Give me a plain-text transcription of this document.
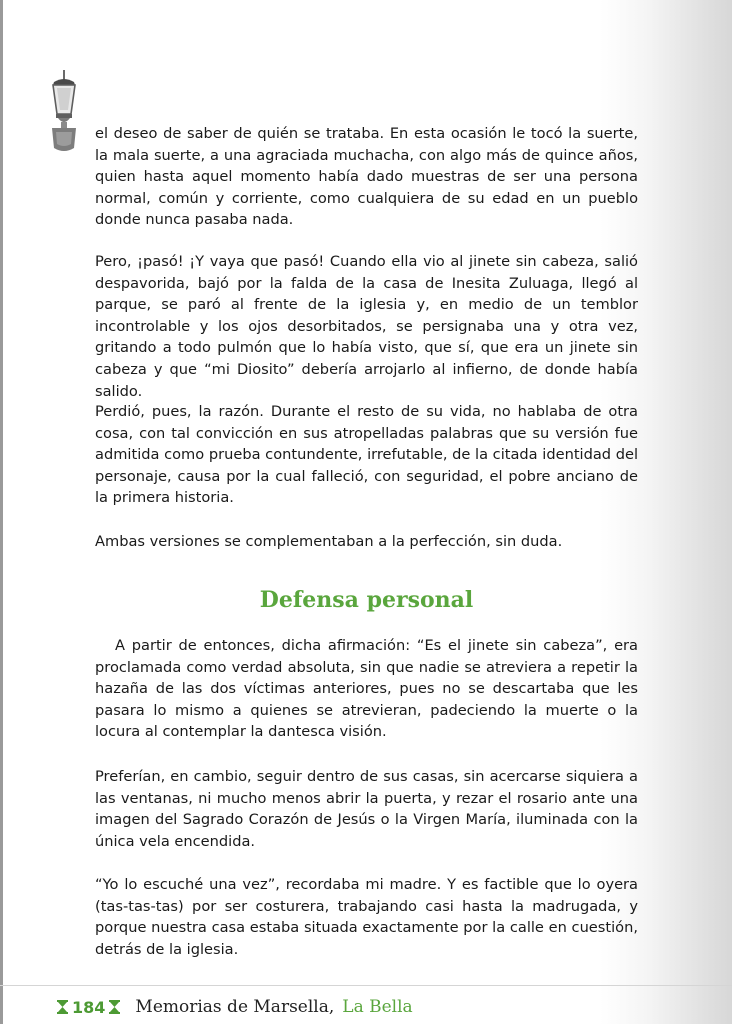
el deseo de saber de quién se trataba. En esta ocasión le tocó la suerte, la mala suerte, a una agraciada muchacha, con algo más de quince años, quien hasta aquel momento había dado muestras de ser una persona normal, común y corriente, como cualquiera de su edad en un pueblo donde nunca pasaba nada.

Pero, ¡pasó! ¡Y vaya que pasó! Cuando ella vio al jinete sin cabeza, salió despavorida, bajó por la falda de la casa de Inesita Zuluaga, llegó al parque, se paró al frente de la iglesia y, en medio de un temblor incontrolable y los ojos desorbitados, se persignaba una y otra vez, gritando a todo pulmón que lo había visto, que sí, que era un jinete sin cabeza y que “mi Diosito” debería arrojarlo al infierno, de donde había salido.

Perdió, pues, la razón. Durante el resto de su vida, no hablaba de otra cosa, con tal convicción en sus atropelladas palabras que su versión fue admitida como prueba contundente, irrefutable, de la citada identidad del personaje, causa por la cual falleció, con seguridad, el pobre anciano de la primera historia.

Ambas versiones se complementaban a la perfección, sin duda.

Defensa personal

A partir de entonces, dicha afirmación: “Es el jinete sin cabeza”, era proclamada como verdad absoluta, sin que nadie se atreviera a repetir la hazaña de las dos víctimas anteriores, pues no se descartaba que les pasara lo mismo a quienes se atrevieran, padeciendo la muerte o la locura al contemplar la dantesca visión.

Preferían, en cambio, seguir dentro de sus casas, sin acercarse siquiera a las ventanas, ni mucho menos abrir la puerta, y rezar el rosario ante una imagen del Sagrado Corazón de Jesús o la Virgen María, iluminada con la única vela encendida.

“Yo lo escuché una vez”, recordaba mi madre. Y es factible que lo oyera (tas-tas-tas) por ser costurera, trabajando casi hasta la madrugada, y porque nuestra casa estaba situada exactamente por la calle en cuestión, detrás de la iglesia.

184 Memorias de Marsella, La Bella
